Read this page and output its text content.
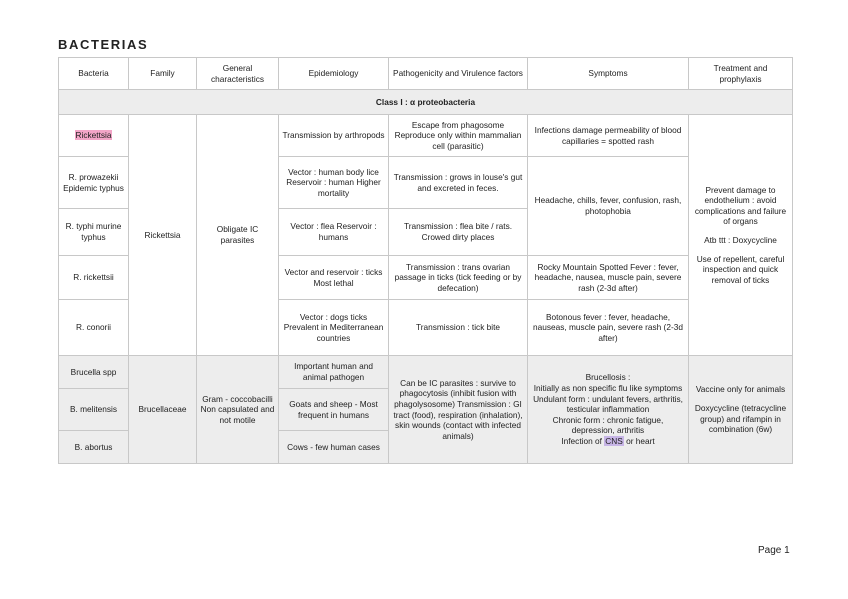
BACTERIAS
Bacteria	Family	General characteristics	Epidemiology	Pathogenicity and Virulence factors	Symptoms	Treatment and prophylaxis
Class I : α proteobacteria						
Rickettsia	Rickettsia	Obligate IC parasites	Transmission by arthropods	Escape from phagosome Reproduce only within mammalian cell (parasitic)	Infections damage permeability of blood capillaries = spotted rash	Prevent damage to endothelium : avoid complications and failure of organs
Atb ttt : Doxycycline
Use of repellent, careful inspection and quick removal of ticks

R. prowazekii Epidemic typhus			Vector : human body lice Reservoir : human Higher mortality	Transmission : grows in louse's gut and excreted in feces.	Headache, chills, fever, confusion, rash, photophobia	
R. typhi murine typhus			Vector : flea Reservoir : humans	Transmission : flea bite / rats. Crowed dirty places		
R. rickettsii			Vector and reservoir : ticks Most lethal	Transmission : trans ovarian passage in ticks (tick feeding or by defecation)	Rocky Mountain Spotted Fever : fever, headache, nausea, muscle pain, severe rash (2-3d after)	
R. conorii			Vector : dogs ticks Prevalent in Mediterranean countries	Transmission : tick bite	Botonous fever : fever, headache, nauseas, muscle pain, severe rash (2-3d after)	
Brucella spp	Brucellaceae	Gram - coccobacilli Non capsulated and not motile	Important human and animal pathogen	Can be IC parasites : survive to phagocytosis (inhibit fusion with phagolysosome) Transmission : GI tract (food), respiration (inhalation), skin wounds (contact with infected animals)	Brucellosis :
Initially as non specific flu like symptoms
Undulant form : undulant fevers, arthritis, testicular inflammation
Chronic form : chronic fatigue, depression, arthritis
Infection of CNS or heart	Vaccine only for animals
Doxycycline (tetracycline group) and rifampin in combination (6w)

B. melitensis			Goats and sheep - Most frequent in humans			
B. abortus			Cows - few human cases			
Page 1
